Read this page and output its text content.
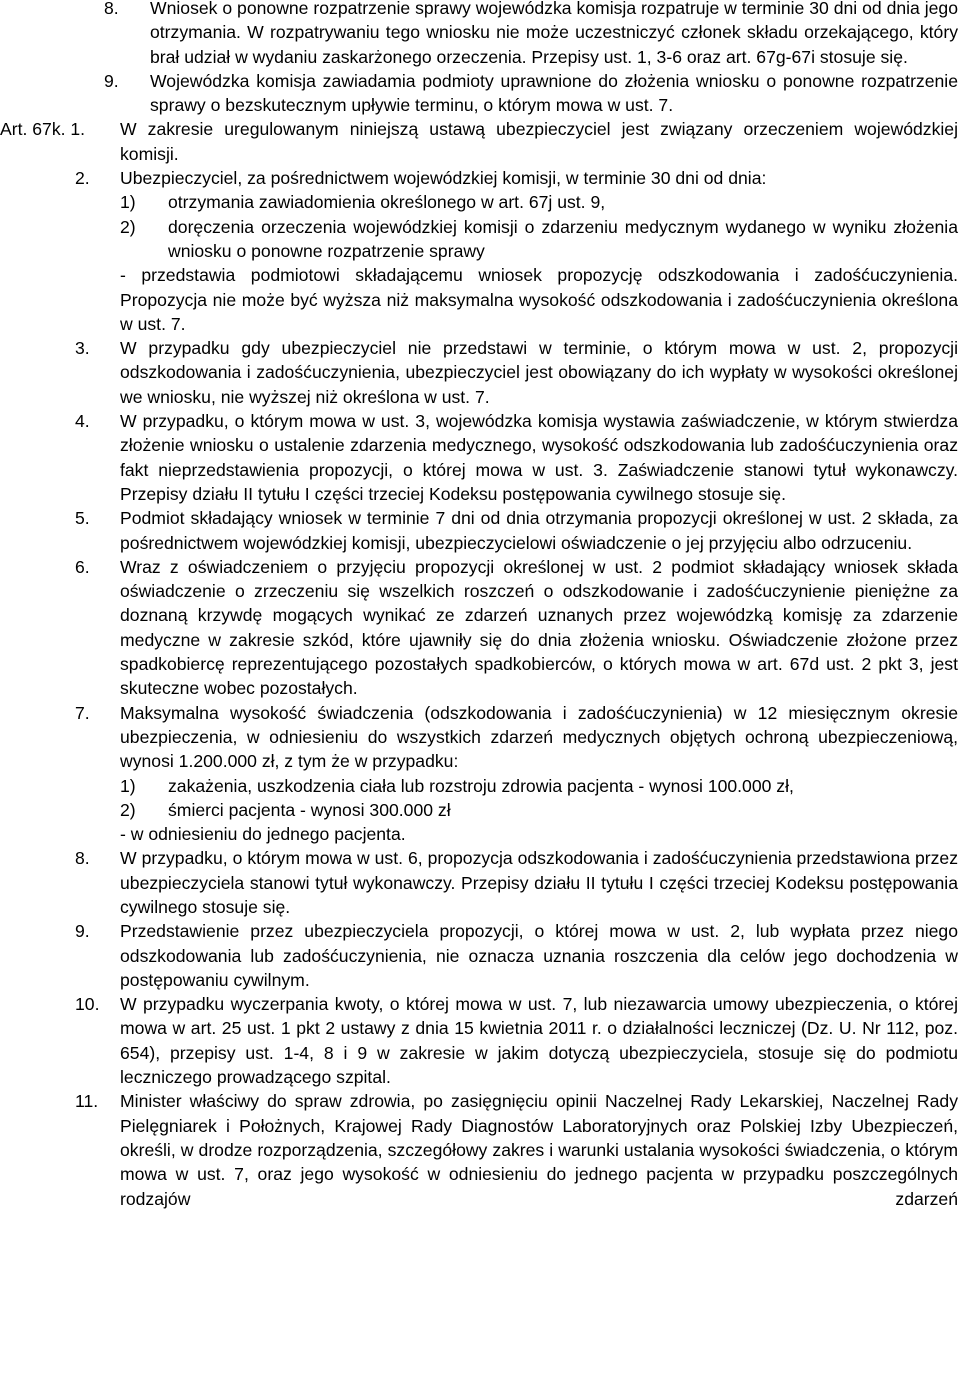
8. Wniosek o ponowne rozpatrzenie sprawy wojewódzka komisja rozpatruje w terminie 30 dni od dnia jego otrzymania. W rozpatrywaniu tego wniosku nie może uczestniczyć członek składu orzekającego, który brał udział w wydaniu zaskarżonego orzeczenia. Przepisy ust. 1, 3-6 oraz art. 67g-67i stosuje się.
9. Wojewódzka komisja zawiadamia podmioty uprawnione do złożenia wniosku o ponowne rozpatrzenie sprawy o bezskutecznym upływie terminu, o którym mowa w ust. 7.
Art. 67k. 1. W zakresie uregulowanym niniejszą ustawą ubezpieczyciel jest związany orzeczeniem wojewódzkiej komisji.
2. Ubezpieczyciel, za pośrednictwem wojewódzkiej komisji, w terminie 30 dni od dnia:
1) otrzymania zawiadomienia określonego w art. 67j ust. 9,
2) doręczenia orzeczenia wojewódzkiej komisji o zdarzeniu medycznym wydanego w wyniku złożenia wniosku o ponowne rozpatrzenie sprawy
- przedstawia podmiotowi składającemu wniosek propozycję odszkodowania i zadośćuczynienia. Propozycja nie może być wyższa niż maksymalna wysokość odszkodowania i zadośćuczynienia określona w ust. 7.
3. W przypadku gdy ubezpieczyciel nie przedstawi w terminie, o którym mowa w ust. 2, propozycji odszkodowania i zadośćuczynienia, ubezpieczyciel jest obowiązany do ich wypłaty w wysokości określonej we wniosku, nie wyższej niż określona w ust. 7.
4. W przypadku, o którym mowa w ust. 3, wojewódzka komisja wystawia zaświadczenie, w którym stwierdza złożenie wniosku o ustalenie zdarzenia medycznego, wysokość odszkodowania lub zadośćuczynienia oraz fakt nieprzedstawienia propozycji, o której mowa w ust. 3. Zaświadczenie stanowi tytuł wykonawczy. Przepisy działu II tytułu I części trzeciej Kodeksu postępowania cywilnego stosuje się.
5. Podmiot składający wniosek w terminie 7 dni od dnia otrzymania propozycji określonej w ust. 2 składa, za pośrednictwem wojewódzkiej komisji, ubezpieczycielowi oświadczenie o jej przyjęciu albo odrzuceniu.
6. Wraz z oświadczeniem o przyjęciu propozycji określonej w ust. 2 podmiot składający wniosek składa oświadczenie o zrzeczeniu się wszelkich roszczeń o odszkodowanie i zadośćuczynienie pieniężne za doznaną krzywdę mogących wynikać ze zdarzeń uznanych przez wojewódzką komisję za zdarzenie medyczne w zakresie szkód, które ujawniły się do dnia złożenia wniosku. Oświadczenie złożone przez spadkobiercę reprezentującego pozostałych spadkobierców, o których mowa w art. 67d ust. 2 pkt 3, jest skuteczne wobec pozostałych.
7. Maksymalna wysokość świadczenia (odszkodowania i zadośćuczynienia) w 12 miesięcznym okresie ubezpieczenia, w odniesieniu do wszystkich zdarzeń medycznych objętych ochroną ubezpieczeniową, wynosi 1.200.000 zł, z tym że w przypadku:
1) zakażenia, uszkodzenia ciała lub rozstroju zdrowia pacjenta - wynosi 100.000 zł,
2) śmierci pacjenta - wynosi 300.000 zł
- w odniesieniu do jednego pacjenta.
8. W przypadku, o którym mowa w ust. 6, propozycja odszkodowania i zadośćuczynienia przedstawiona przez ubezpieczyciela stanowi tytuł wykonawczy. Przepisy działu II tytułu I części trzeciej Kodeksu postępowania cywilnego stosuje się.
9. Przedstawienie przez ubezpieczyciela propozycji, o której mowa w ust. 2, lub wypłata przez niego odszkodowania lub zadośćuczynienia, nie oznacza uznania roszczenia dla celów jego dochodzenia w postępowaniu cywilnym.
10. W przypadku wyczerpania kwoty, o której mowa w ust. 7, lub niezawarcia umowy ubezpieczenia, o której mowa w art. 25 ust. 1 pkt 2 ustawy z dnia 15 kwietnia 2011 r. o działalności leczniczej (Dz. U. Nr 112, poz. 654), przepisy ust. 1-4, 8 i 9 w zakresie w jakim dotyczą ubezpieczyciela, stosuje się do podmiotu leczniczego prowadzącego szpital.
11. Minister właściwy do spraw zdrowia, po zasięgnięciu opinii Naczelnej Rady Lekarskiej, Naczelnej Rady Pielęgniarek i Położnych, Krajowej Rady Diagnostów Laboratoryjnych oraz Polskiej Izby Ubezpieczeń, określi, w drodze rozporządzenia, szczegółowy zakres i warunki ustalania wysokości świadczenia, o którym mowa w ust. 7, oraz jego wysokość w odniesieniu do jednego pacjenta w przypadku poszczególnych rodzajów zdarzeń
